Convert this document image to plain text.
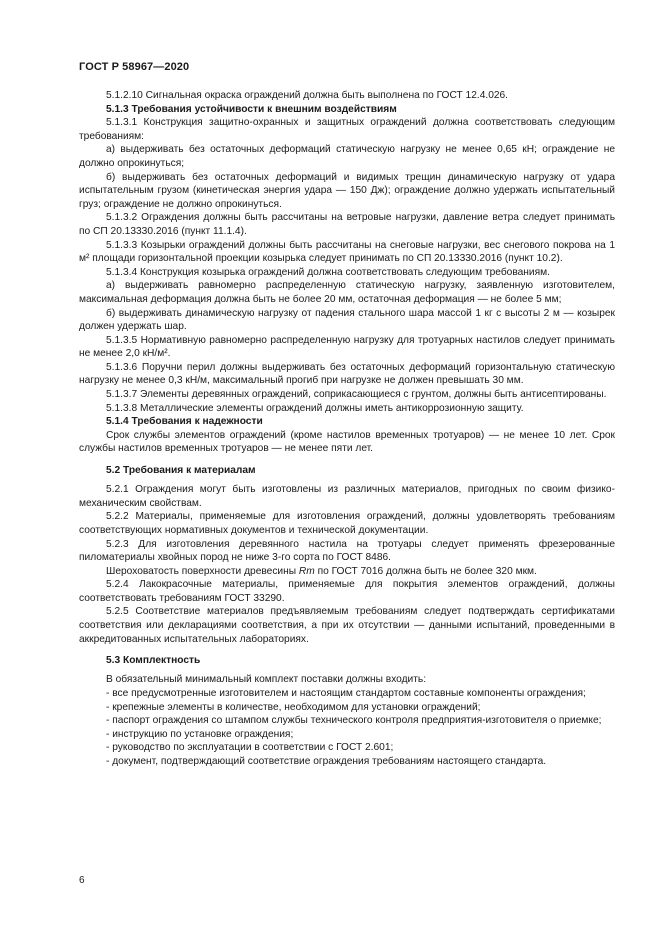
ГОСТ Р 58967—2020

5.1.2.10 Сигнальная окраска ограждений должна быть выполнена по ГОСТ 12.4.026.

5.1.3 Требования устойчивости к внешним воздействиям

5.1.3.1 Конструкция защитно-охранных и защитных ограждений должна соответствовать следующим требованиям:

а) выдерживать без остаточных деформаций статическую нагрузку не менее 0,65 кН; ограждение не должно опрокинуться;

б) выдерживать без остаточных деформаций и видимых трещин динамическую нагрузку от удара испытательным грузом (кинетическая энергия удара — 150 Дж); ограждение должно удержать испытательный груз; ограждение не должно опрокинуться.

5.1.3.2 Ограждения должны быть рассчитаны на ветровые нагрузки, давление ветра следует принимать по СП 20.13330.2016 (пункт 11.1.4).

5.1.3.3 Козырьки ограждений должны быть рассчитаны на снеговые нагрузки, вес снегового покрова на 1 м² площади горизонтальной проекции козырька следует принимать по СП 20.13330.2016 (пункт 10.2).

5.1.3.4 Конструкция козырька ограждений должна соответствовать следующим требованиям.

а) выдерживать равномерно распределенную статическую нагрузку, заявленную изготовителем, максимальная деформация должна быть не более 20 мм, остаточная деформация — не более 5 мм;

б) выдерживать динамическую нагрузку от падения стального шара массой 1 кг с высоты 2 м — козырек должен удержать шар.

5.1.3.5 Нормативную равномерно распределенную нагрузку для тротуарных настилов следует принимать не менее 2,0 кН/м².

5.1.3.6 Поручни перил должны выдерживать без остаточных деформаций горизонтальную статическую нагрузку не менее 0,3 кН/м, максимальный прогиб при нагрузке не должен превышать 30 мм.

5.1.3.7 Элементы деревянных ограждений, соприкасающиеся с грунтом, должны быть антисептированы.

5.1.3.8 Металлические элементы ограждений должны иметь антикоррозионную защиту.

5.1.4 Требования к надежности

Срок службы элементов ограждений (кроме настилов временных тротуаров) — не менее 10 лет. Срок службы настилов временных тротуаров — не менее пяти лет.

5.2 Требования к материалам

5.2.1 Ограждения могут быть изготовлены из различных материалов, пригодных по своим физико-механическим свойствам.

5.2.2 Материалы, применяемые для изготовления ограждений, должны удовлетворять требованиям соответствующих нормативных документов и технической документации.

5.2.3 Для изготовления деревянного настила на тротуары следует применять фрезерованные пиломатериалы хвойных пород не ниже 3-го сорта по ГОСТ 8486.

Шероховатость поверхности древесины Rm по ГОСТ 7016 должна быть не более 320 мкм.

5.2.4 Лакокрасочные материалы, применяемые для покрытия элементов ограждений, должны соответствовать требованиям ГОСТ 33290.

5.2.5 Соответствие материалов предъявляемым требованиям следует подтверждать сертификатами соответствия или декларациями соответствия, а при их отсутствии — данными испытаний, проведенными в аккредитованных испытательных лабораториях.

5.3 Комплектность

В обязательный минимальный комплект поставки должны входить:

- все предусмотренные изготовителем и настоящим стандартом составные компоненты ограждения;

- крепежные элементы в количестве, необходимом для установки ограждений;

- паспорт ограждения со штампом службы технического контроля предприятия-изготовителя о приемке;

- инструкцию по установке ограждения;

- руководство по эксплуатации в соответствии с ГОСТ 2.601;

- документ, подтверждающий соответствие ограждения требованиям настоящего стандарта.

6
